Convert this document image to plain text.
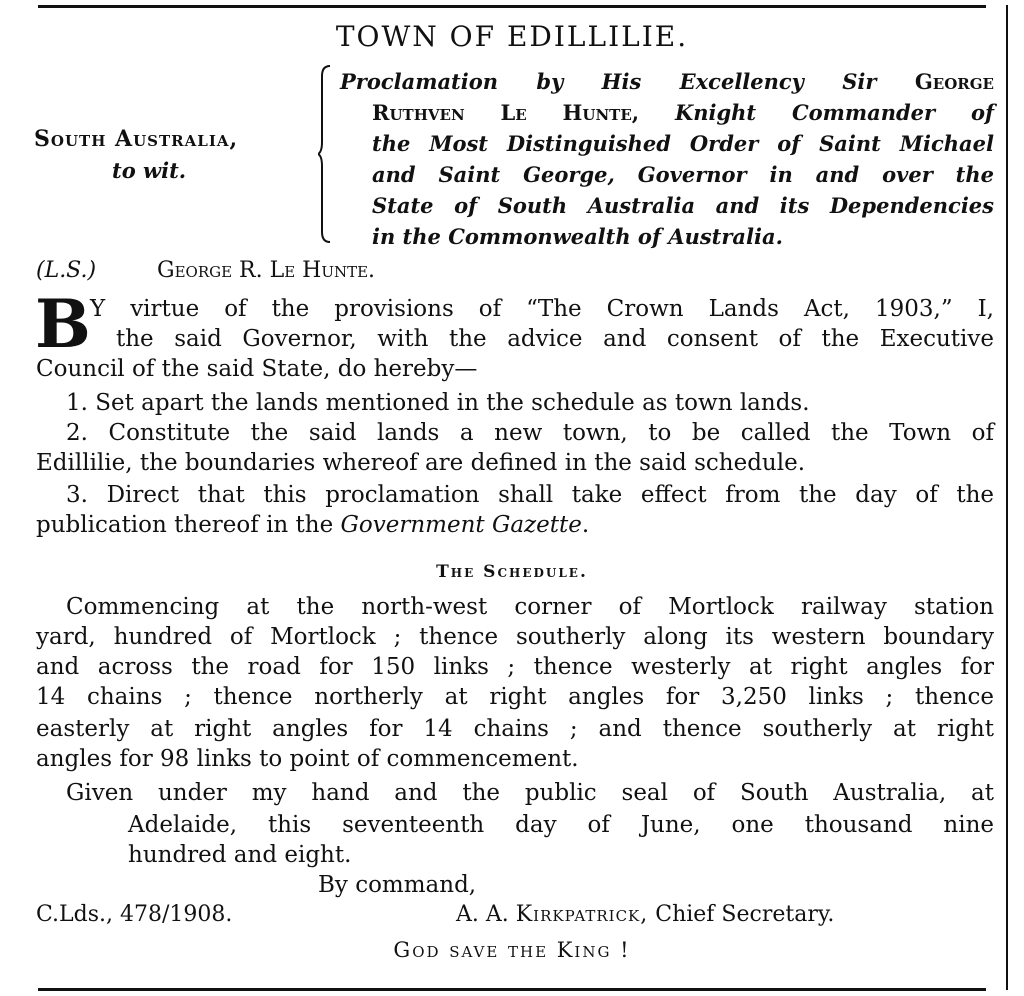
TOWN OF EDILLILIE.
South Australia,
to wit.
Proclamation by His Excellency Sir George
Ruthven Le Hunte, Knight Commander of
the Most Distinguished Order of Saint Michael
and Saint George, Governor in and over the
State of South Australia and its Dependencies
in the Commonwealth of Australia.
(L.S.)	George R. Le Hunte.
B Y virtue of the provisions of “The Crown Lands Act, 1903,” I,
the said Governor, with the advice and consent of the Executive
Council of the said State, do hereby—
1. Set apart the lands mentioned in the schedule as town lands.
2. Constitute the said lands a new town, to be called the Town of
Edillilie, the boundaries whereof are defined in the said schedule.
3. Direct that this proclamation shall take effect from the day of the
publication thereof in the Government Gazette.
The Schedule.
Commencing at the north-west corner of Mortlock railway station
yard, hundred of Mortlock ; thence southerly along its western boundary
and across the road for 150 links ; thence westerly at right angles for
14 chains ; thence northerly at right angles for 3,250 links ; thence
easterly at right angles for 14 chains ; and thence southerly at right
angles for 98 links to point of commencement.
Given under my hand and the public seal of South Australia, at
Adelaide, this seventeenth day of June, one thousand nine
hundred and eight.
By command,
C.Lds., 478/1908.	A. A. Kirkpatrick, Chief Secretary.
God save the King !
